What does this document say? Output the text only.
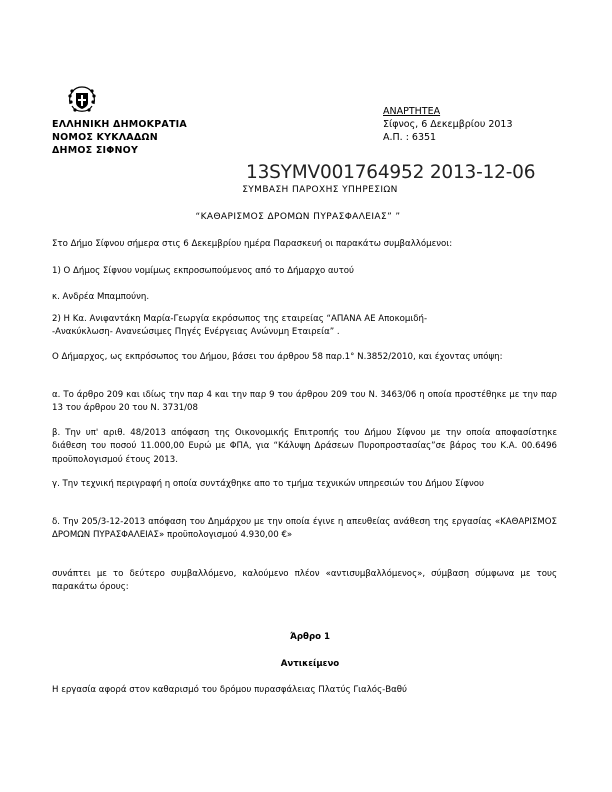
ΕΛΛΗΝΙΚΗ ΔΗΜΟΚΡΑΤΙΑ
ΝΟΜΟΣ ΚΥΚΛΑΔΩΝ
ΔΗΜΟΣ ΣΙΦΝΟΥ
ΑΝΑΡΤΗΤΕΑ
Σίφνος, 6 Δεκεμβρίου 2013
Α.Π. : 6351
13SYMV001764952 2013-12-06
ΣΥΜΒΑΣΗ ΠΑΡΟΧΗΣ ΥΠΗΡΕΣΙΩΝ
“ΚΑΘΑΡΙΣΜΟΣ ΔΡΟΜΩΝ ΠΥΡΑΣΦΑΛΕΙΑΣ” ”
Στο Δήμο Σίφνου σήμερα στις 6 Δεκεμβρίου ημέρα Παρασκευή οι παρακάτω συμβαλλόμενοι:
1) Ο Δήμος Σίφνου νομίμως εκπροσωπούμενος από το Δήμαρχο αυτού
κ. Ανδρέα Μπαμπούνη.
2) Η Κα. Ανιφαντάκη Μαρία-Γεωργία εκρόσωπος της εταιρείας “ΑΠΑΝΑ ΑΕ Αποκομιδή-
-Ανακύκλωση- Ανανεώσιμες Πηγές Ενέργειας Ανώνυμη Εταιρεία” .
Ο Δήμαρχος, ως εκπρόσωπος του Δήμου, βάσει του άρθρου 58 παρ.1° Ν.3852/2010, και έχοντας υπόψη:
α. Το άρθρο 209 και ιδίως την παρ 4 και την παρ 9 του άρθρου 209 του Ν. 3463/06 η οποία προστέθηκε με την παρ 13 του άρθρου 20 του Ν. 3731/08
β. Την υπ' αριθ. 48/2013 απόφαση της Οικονομικής Επιτροπής του Δήμου Σίφνου με την οποία αποφασίστηκε διάθεση του ποσού 11.000,00 Ευρώ με ΦΠΑ, για “Κάλυψη Δράσεων Πυροπροστασίας”σε βάρος του Κ.Α. 00.6496 προϋπολογισμού έτους 2013.
γ. Την τεχνική περιγραφή η οποία συντάχθηκε απο το τμήμα τεχνικών υπηρεσιών του Δήμου Σίφνου
δ. Την 205/3-12-2013 απόφαση του Δημάρχου με την οποία έγινε η απευθείας ανάθεση της εργασίας «ΚΑΘΑΡΙΣΜΟΣ ΔΡΟΜΩΝ ΠΥΡΑΣΦΑΛΕΙΑΣ» προϋπολογισμού 4.930,00 €»
συνάπτει με το δεύτερο συμβαλλόμενο, καλούμενο πλέον «αντισυμβαλλόμενος», σύμβαση σύμφωνα με τους παρακάτω όρους:
Άρθρο 1
Αντικείμενο
Η εργασία αφορά στον καθαρισμό του δρόμου πυρασφάλειας Πλατύς Γιαλός-Βαθύ
